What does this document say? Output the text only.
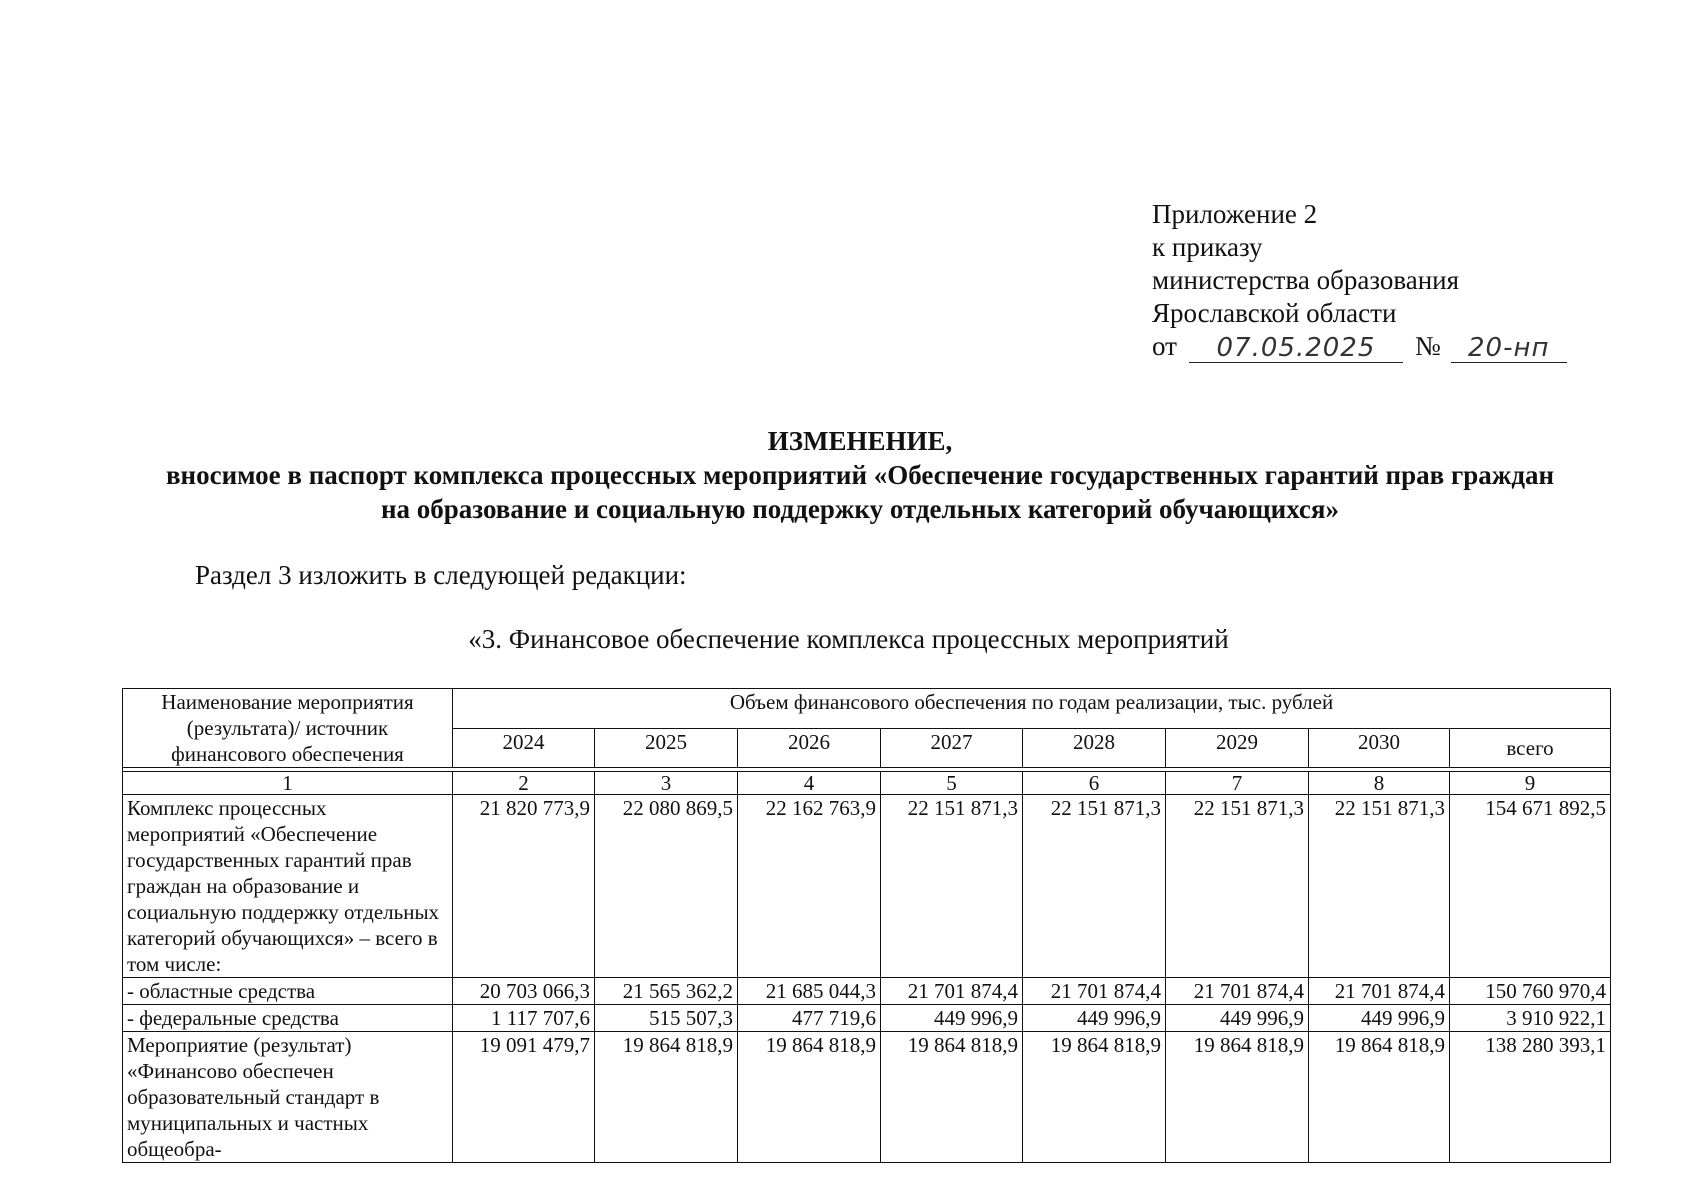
Приложение 2
к приказу
министерства образования
Ярославской области
от	07.05.2025	№	20-нп
ИЗМЕНЕНИЕ,
вносимое в паспорт комплекса процессных мероприятий «Обеспечение государственных гарантий прав граждан
на образование и социальную поддержку отдельных категорий обучающихся»
Раздел 3 изложить в следующей редакции:
«3. Финансовое обеспечение комплекса процессных мероприятий
Наименование мероприятия (результата)/ источник финансового обеспечения	Объем финансового обеспечения по годам реализации, тыс. рублей							
	2024	2025	2026	2027	2028	2029	2030	всего

1	2	3	4	5	6	7	8	9
Комплекс процессных мероприятий «Обеспечение государственных гарантий прав граждан на образование и социальную поддержку отдельных категорий обучающихся» – всего в том числе:	21 820 773,9	22 080 869,5	22 162 763,9	22 151 871,3	22 151 871,3	22 151 871,3	22 151 871,3	154 671 892,5
- областные средства	20 703 066,3	21 565 362,2	21 685 044,3	21 701 874,4	21 701 874,4	21 701 874,4	21 701 874,4	150 760 970,4
- федеральные средства	1 117 707,6	515 507,3	477 719,6	449 996,9	449 996,9	449 996,9	449 996,9	3 910 922,1
Мероприятие (результат) «Финансово обеспечен образовательный стандарт в муниципальных и частных общеобра-	19 091 479,7	19 864 818,9	19 864 818,9	19 864 818,9	19 864 818,9	19 864 818,9	19 864 818,9	138 280 393,1
